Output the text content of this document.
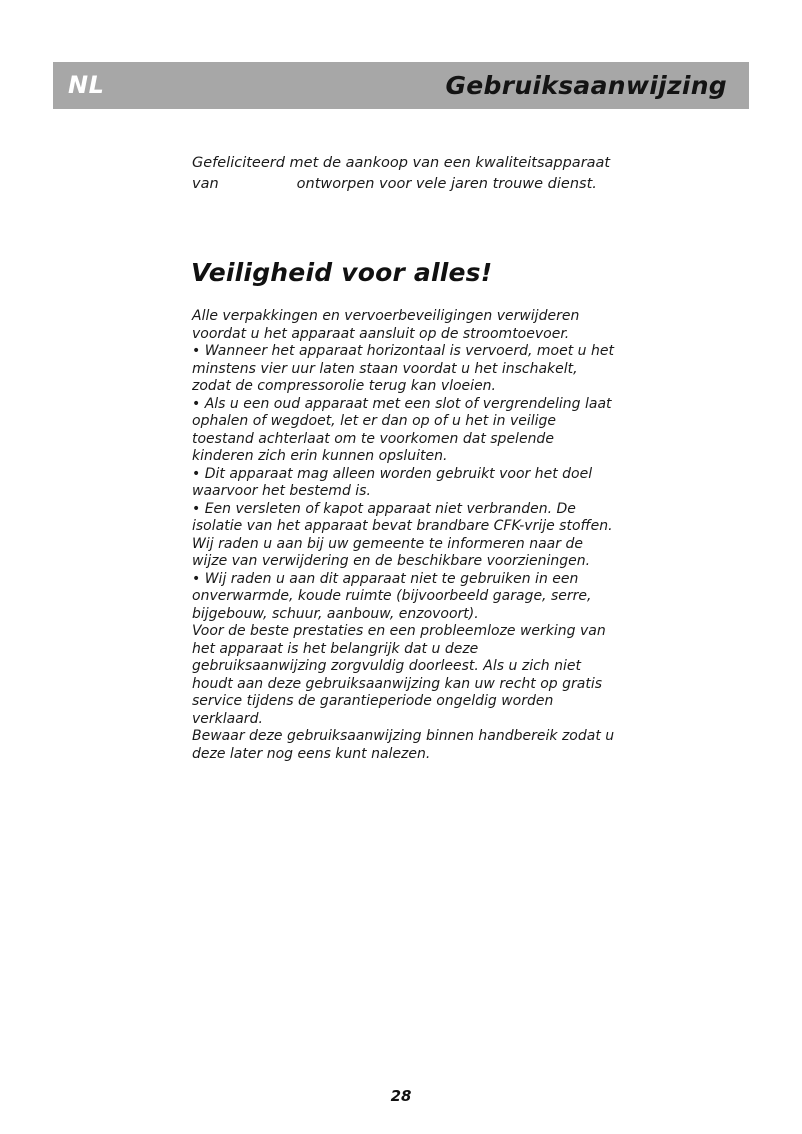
NL	Gebruiksaanwijzing
Gefeliciteerd met de aankoop van een kwaliteitsapparaat
van	ontworpen voor vele jaren trouwe dienst.
Veiligheid voor alles!

Alle verpakkingen en vervoerbeveiligingen verwijderen voordat u het apparaat aansluit op de stroomtoevoer.

• Wanneer het apparaat horizontaal is vervoerd, moet u het minstens vier uur laten staan voordat u het inschakelt, zodat de compressorolie terug kan vloeien.

• Als u een oud apparaat met een slot of vergrendeling laat ophalen of wegdoet, let er dan op of u het in veilige toestand achterlaat om te voorkomen dat spelende kinderen zich erin kunnen opsluiten.

• Dit apparaat mag alleen worden gebruikt voor het doel waarvoor het bestemd is.

• Een versleten of kapot apparaat niet verbranden. De isolatie van het apparaat bevat brandbare CFK-vrije stoffen. Wij raden u aan bij uw gemeente te informeren naar de wijze van verwijdering en de beschikbare voorzieningen.

• Wij raden u aan dit apparaat niet te gebruiken in een onverwarmde, koude ruimte (bijvoorbeeld garage, serre, bijgebouw, schuur, aanbouw, enzovoort).

Voor de beste prestaties en een probleemloze werking van het apparaat is het belangrijk dat u deze gebruiksaanwijzing zorgvuldig doorleest. Als u zich niet houdt aan deze gebruiksaanwijzing kan uw recht op gratis service tijdens de garantieperiode ongeldig worden verklaard.

Bewaar deze gebruiksaanwijzing binnen handbereik zodat u deze later nog eens kunt nalezen.

28
